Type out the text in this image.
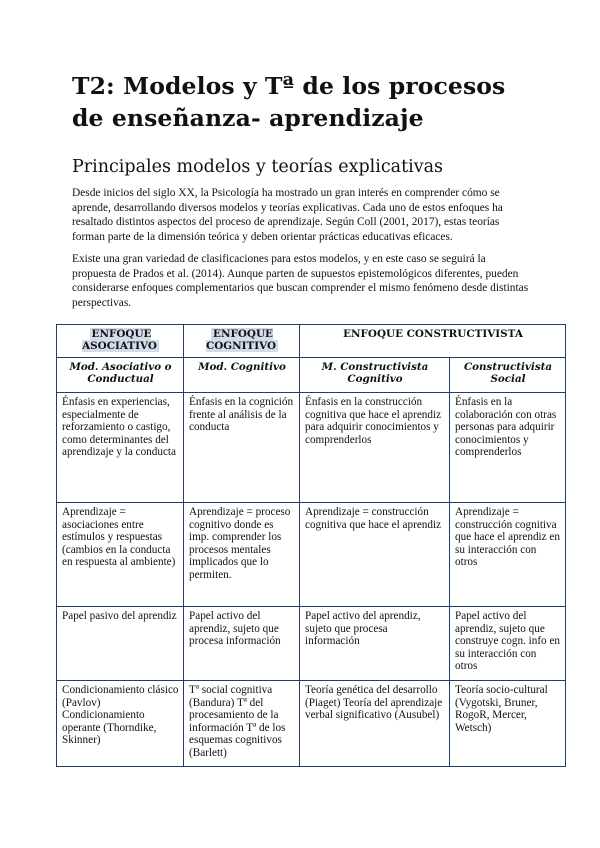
T2: Modelos y Tª de los procesos de enseñanza- aprendizaje
Principales modelos y teorías explicativas
Desde inicios del siglo XX, la Psicología ha mostrado un gran interés en comprender cómo se aprende, desarrollando diversos modelos y teorías explicativas. Cada uno de estos enfoques ha resaltado distintos aspectos del proceso de aprendizaje. Según Coll (2001, 2017), estas teorías forman parte de la dimensión teórica y deben orientar prácticas educativas eficaces.
Existe una gran variedad de clasificaciones para estos modelos, y en este caso se seguirá la propuesta de Prados et al. (2014). Aunque parten de supuestos epistemológicos diferentes, pueden considerarse enfoques complementarios que buscan comprender el mismo fenómeno desde distintas perspectivas.
ENFOQUE ASOCIATIVO	ENFOQUE COGNITIVO	ENFOQUE CONSTRUCTIVISTA	
Mod. Asociativo o Conductual	Mod. Cognitivo	M. Constructivista Cognitivo	Constructivista Social
Énfasis en experiencias, especialmente de reforzamiento o castigo, como determinantes del aprendizaje y la conducta	Énfasis en la cognición frente al análisis de la conducta	Énfasis en la construcción cognitiva que hace el aprendiz para adquirir conocimientos y comprenderlos	Énfasis en la colaboración con otras personas para adquirir conocimientos y comprenderlos
Aprendizaje = asociaciones entre estímulos y respuestas (cambios en la conducta en respuesta al ambiente)	Aprendizaje = proceso cognitivo donde es imp. comprender los procesos mentales implicados que lo permiten.	Aprendizaje = construcción cognitiva que hace el aprendiz	Aprendizaje = construcción cognitiva que hace el aprendiz en su interacción con otros
Papel pasivo del aprendiz	Papel activo del aprendiz, sujeto que procesa información	Papel activo del aprendiz, sujeto que procesa información	Papel activo del aprendiz, sujeto que construye cogn. info en su interacción con otros
Condicionamiento clásico (Pavlov) Condicionamiento operante (Thorndike, Skinner)	Tª social cognitiva (Bandura) Tª del procesamiento de la información Tª de los esquemas cognitivos (Barlett)	Teoría genética del desarrollo (Piaget) Teoría del aprendizaje verbal significativo (Ausubel)	Teoría socio-cultural (Vygotski, Bruner, RogoR, Mercer, Wetsch)
